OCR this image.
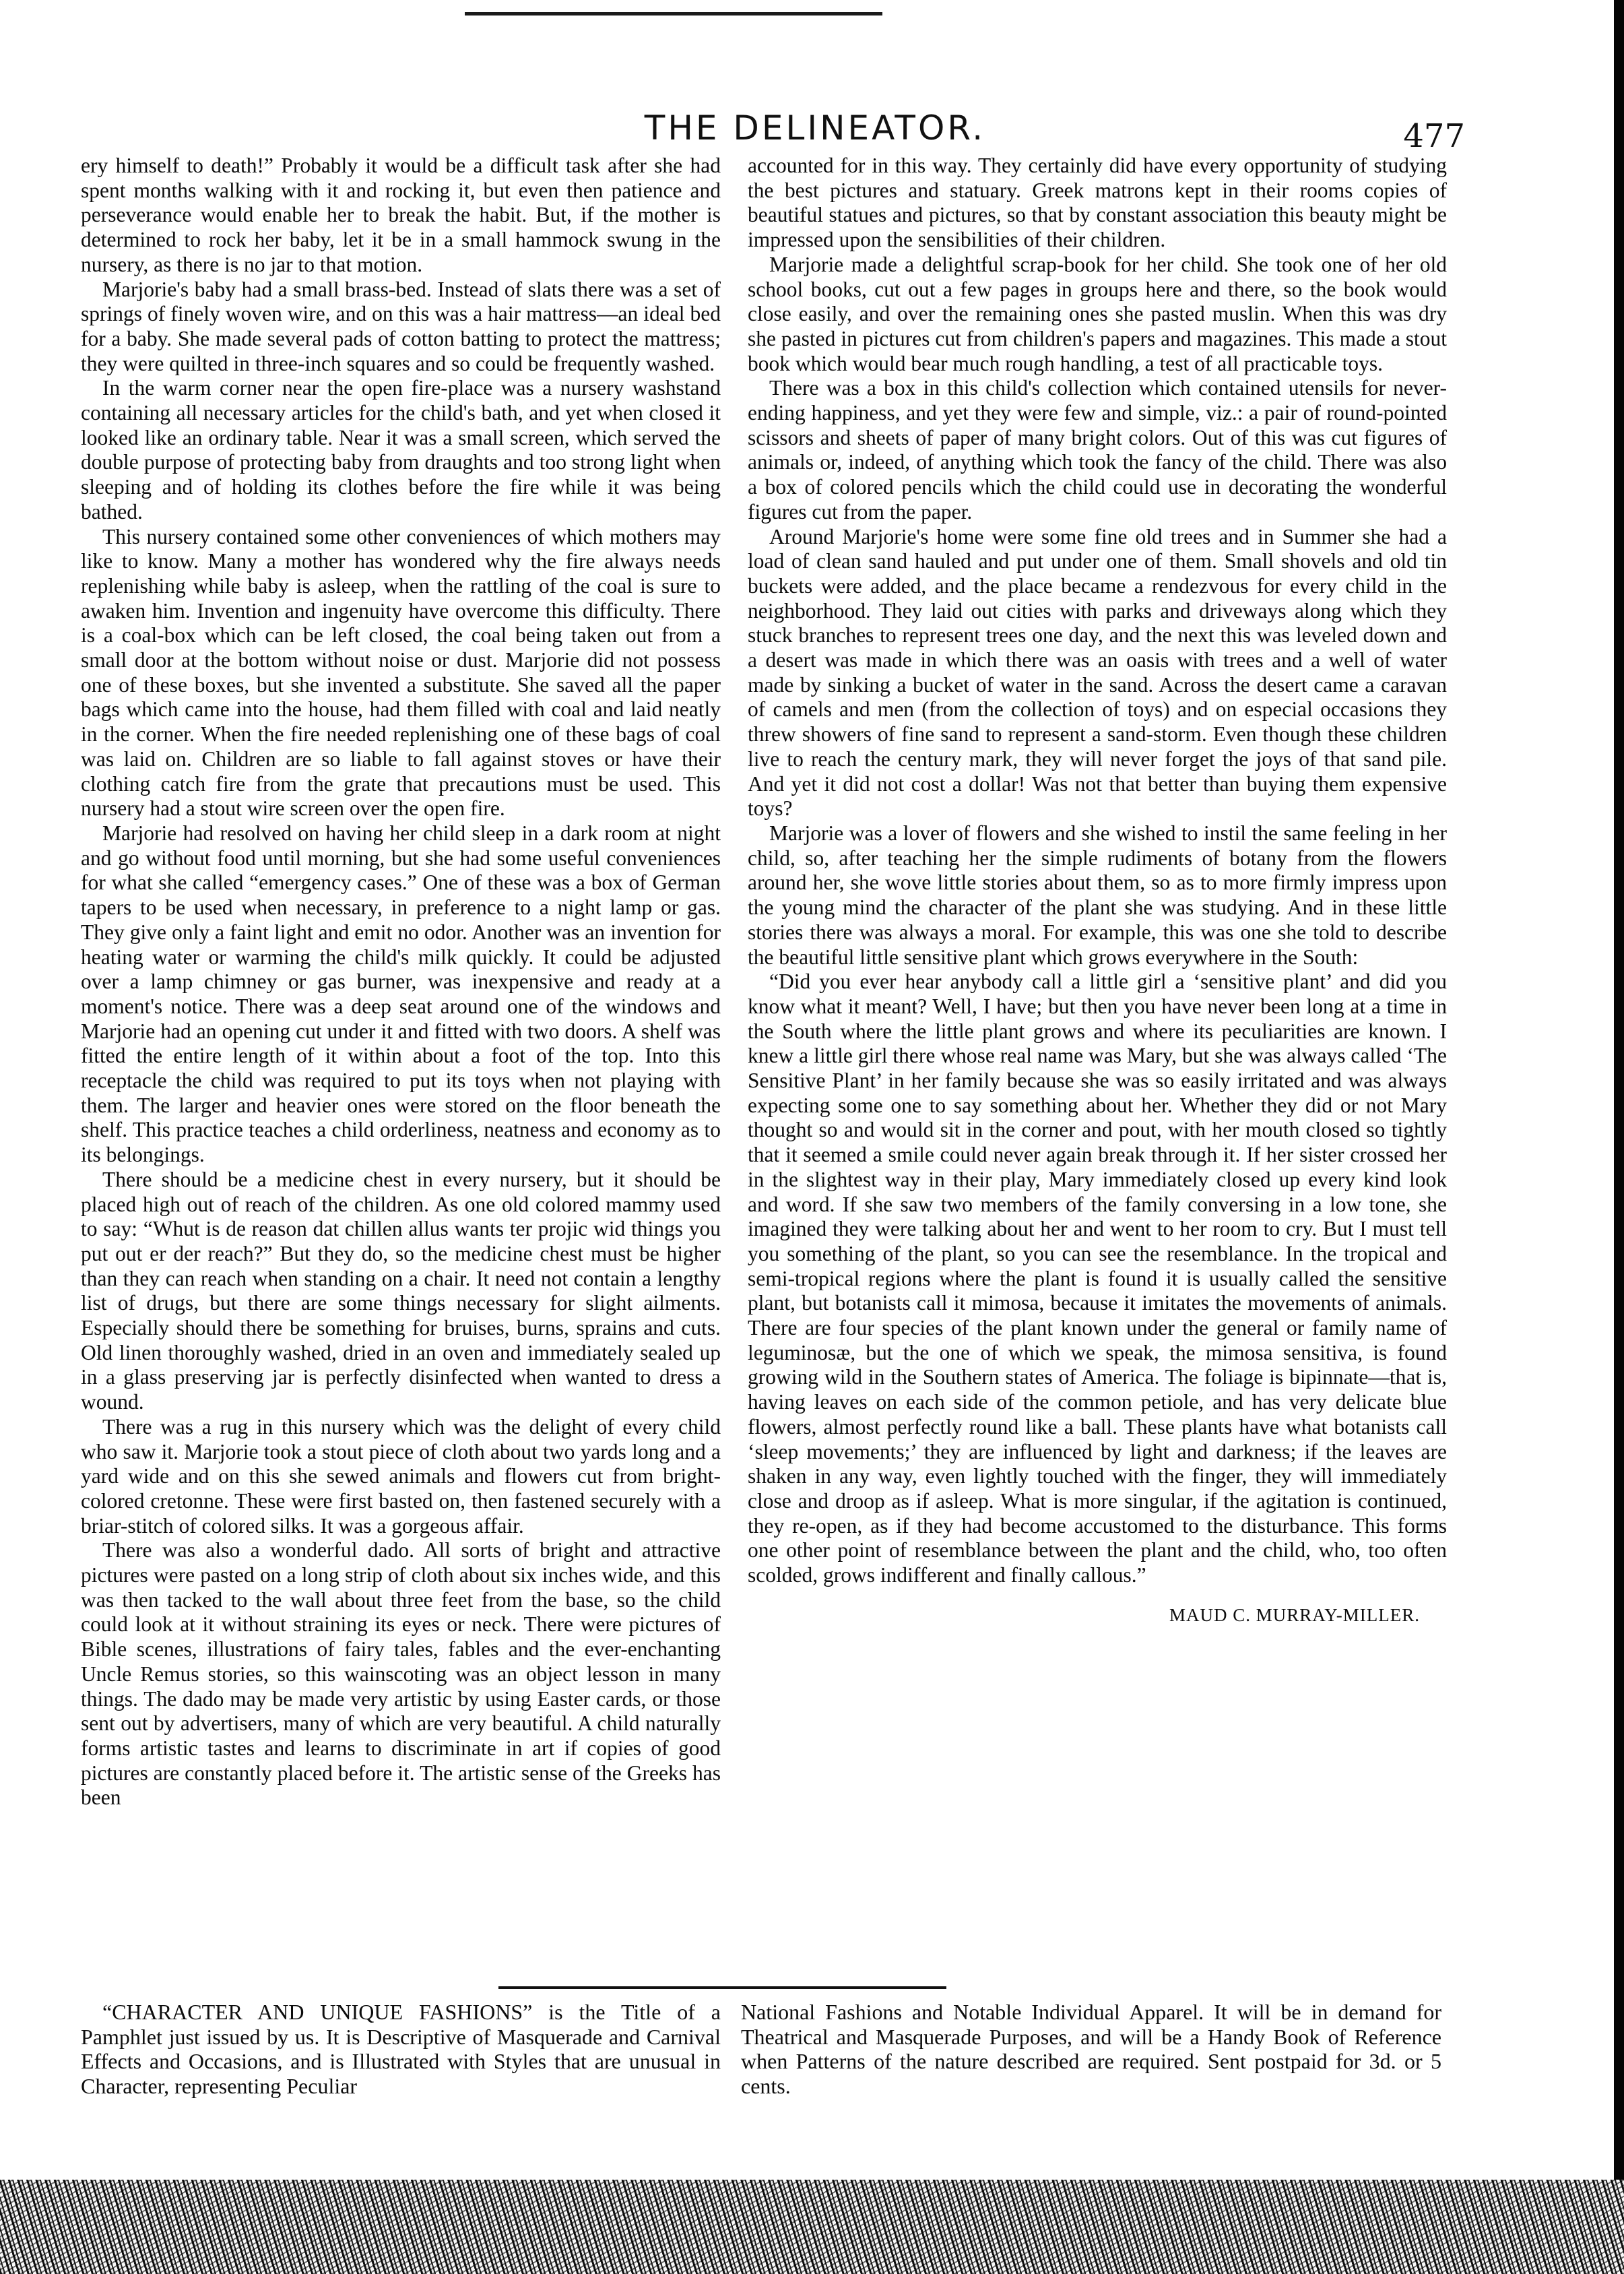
THE DELINEATOR.	477

ery himself to death!” Probably it would be a difficult task after she had spent months walking with it and rocking it, but even then patience and perseverance would enable her to break the habit. But, if the mother is determined to rock her baby, let it be in a small hammock swung in the nursery, as there is no jar to that motion.

Marjorie's baby had a small brass-bed. Instead of slats there was a set of springs of finely woven wire, and on this was a hair mattress—an ideal bed for a baby. She made several pads of cotton batting to protect the mattress; they were quilted in three-inch squares and so could be frequently washed.

In the warm corner near the open fire-place was a nursery washstand containing all necessary articles for the child's bath, and yet when closed it looked like an ordinary table. Near it was a small screen, which served the double purpose of protecting baby from draughts and too strong light when sleeping and of holding its clothes before the fire while it was being bathed.

This nursery contained some other conveniences of which mothers may like to know. Many a mother has wondered why the fire always needs replenishing while baby is asleep, when the rattling of the coal is sure to awaken him. Invention and ingenuity have overcome this difficulty. There is a coal-box which can be left closed, the coal being taken out from a small door at the bottom without noise or dust. Marjorie did not possess one of these boxes, but she invented a substitute. She saved all the paper bags which came into the house, had them filled with coal and laid neatly in the corner. When the fire needed replenishing one of these bags of coal was laid on. Children are so liable to fall against stoves or have their clothing catch fire from the grate that precautions must be used. This nursery had a stout wire screen over the open fire.

Marjorie had resolved on having her child sleep in a dark room at night and go without food until morning, but she had some useful conveniences for what she called “emergency cases.” One of these was a box of German tapers to be used when necessary, in preference to a night lamp or gas. They give only a faint light and emit no odor. Another was an invention for heating water or warming the child's milk quickly. It could be adjusted over a lamp chimney or gas burner, was inexpensive and ready at a moment's notice. There was a deep seat around one of the windows and Marjorie had an opening cut under it and fitted with two doors. A shelf was fitted the entire length of it within about a foot of the top. Into this receptacle the child was required to put its toys when not playing with them. The larger and heavier ones were stored on the floor beneath the shelf. This practice teaches a child orderliness, neatness and economy as to its belongings.

There should be a medicine chest in every nursery, but it should be placed high out of reach of the children. As one old colored mammy used to say: “Whut is de reason dat chillen allus wants ter projic wid things you put out er der reach?” But they do, so the medicine chest must be higher than they can reach when standing on a chair. It need not contain a lengthy list of drugs, but there are some things necessary for slight ailments. Especially should there be something for bruises, burns, sprains and cuts. Old linen thoroughly washed, dried in an oven and immediately sealed up in a glass preserving jar is perfectly disinfected when wanted to dress a wound.

There was a rug in this nursery which was the delight of every child who saw it. Marjorie took a stout piece of cloth about two yards long and a yard wide and on this she sewed animals and flowers cut from bright-colored cretonne. These were first basted on, then fastened securely with a briar-stitch of colored silks. It was a gorgeous affair.

There was also a wonderful dado. All sorts of bright and attractive pictures were pasted on a long strip of cloth about six inches wide, and this was then tacked to the wall about three feet from the base, so the child could look at it without straining its eyes or neck. There were pictures of Bible scenes, illustrations of fairy tales, fables and the ever-enchanting Uncle Remus stories, so this wainscoting was an object lesson in many things. The dado may be made very artistic by using Easter cards, or those sent out by advertisers, many of which are very beautiful. A child naturally forms artistic tastes and learns to discriminate in art if copies of good pictures are constantly placed before it. The artistic sense of the Greeks has been

accounted for in this way. They certainly did have every opportunity of studying the best pictures and statuary. Greek matrons kept in their rooms copies of beautiful statues and pictures, so that by constant association this beauty might be impressed upon the sensibilities of their children.

Marjorie made a delightful scrap-book for her child. She took one of her old school books, cut out a few pages in groups here and there, so the book would close easily, and over the remaining ones she pasted muslin. When this was dry she pasted in pictures cut from children's papers and magazines. This made a stout book which would bear much rough handling, a test of all practicable toys.

There was a box in this child's collection which contained utensils for never-ending happiness, and yet they were few and simple, viz.: a pair of round-pointed scissors and sheets of paper of many bright colors. Out of this was cut figures of animals or, indeed, of anything which took the fancy of the child. There was also a box of colored pencils which the child could use in decorating the wonderful figures cut from the paper.

Around Marjorie's home were some fine old trees and in Summer she had a load of clean sand hauled and put under one of them. Small shovels and old tin buckets were added, and the place became a rendezvous for every child in the neighborhood. They laid out cities with parks and driveways along which they stuck branches to represent trees one day, and the next this was leveled down and a desert was made in which there was an oasis with trees and a well of water made by sinking a bucket of water in the sand. Across the desert came a caravan of camels and men (from the collection of toys) and on especial occasions they threw showers of fine sand to represent a sand-storm. Even though these children live to reach the century mark, they will never forget the joys of that sand pile. And yet it did not cost a dollar! Was not that better than buying them expensive toys?

Marjorie was a lover of flowers and she wished to instil the same feeling in her child, so, after teaching her the simple rudiments of botany from the flowers around her, she wove little stories about them, so as to more firmly impress upon the young mind the character of the plant she was studying. And in these little stories there was always a moral. For example, this was one she told to describe the beautiful little sensitive plant which grows everywhere in the South:

“Did you ever hear anybody call a little girl a ‘sensitive plant’ and did you know what it meant? Well, I have; but then you have never been long at a time in the South where the little plant grows and where its peculiarities are known. I knew a little girl there whose real name was Mary, but she was always called ‘The Sensitive Plant’ in her family because she was so easily irritated and was always expecting some one to say something about her. Whether they did or not Mary thought so and would sit in the corner and pout, with her mouth closed so tightly that it seemed a smile could never again break through it. If her sister crossed her in the slightest way in their play, Mary immediately closed up every kind look and word. If she saw two members of the family conversing in a low tone, she imagined they were talking about her and went to her room to cry. But I must tell you something of the plant, so you can see the resemblance. In the tropical and semi-tropical regions where the plant is found it is usually called the sensitive plant, but botanists call it mimosa, because it imitates the movements of animals. There are four species of the plant known under the general or family name of leguminosæ, but the one of which we speak, the mimosa sensitiva, is found growing wild in the Southern states of America. The foliage is bipinnate—that is, having leaves on each side of the common petiole, and has very delicate blue flowers, almost perfectly round like a ball. These plants have what botanists call ‘sleep movements;’ they are influenced by light and darkness; if the leaves are shaken in any way, even lightly touched with the finger, they will immediately close and droop as if asleep. What is more singular, if the agitation is continued, they re-open, as if they had become accustomed to the disturbance. This forms one other point of resemblance between the plant and the child, who, too often scolded, grows indifferent and finally callous.”

MAUD C. MURRAY-MILLER.

“CHARACTER AND UNIQUE FASHIONS” is the Title of a Pamphlet just issued by us. It is Descriptive of Masquerade and Carnival Effects and Occasions, and is Illustrated with Styles that are unusual in Character, representing Peculiar

National Fashions and Notable Individual Apparel. It will be in demand for Theatrical and Masquerade Purposes, and will be a Handy Book of Reference when Patterns of the nature described are required. Sent postpaid for 3d. or 5 cents.
